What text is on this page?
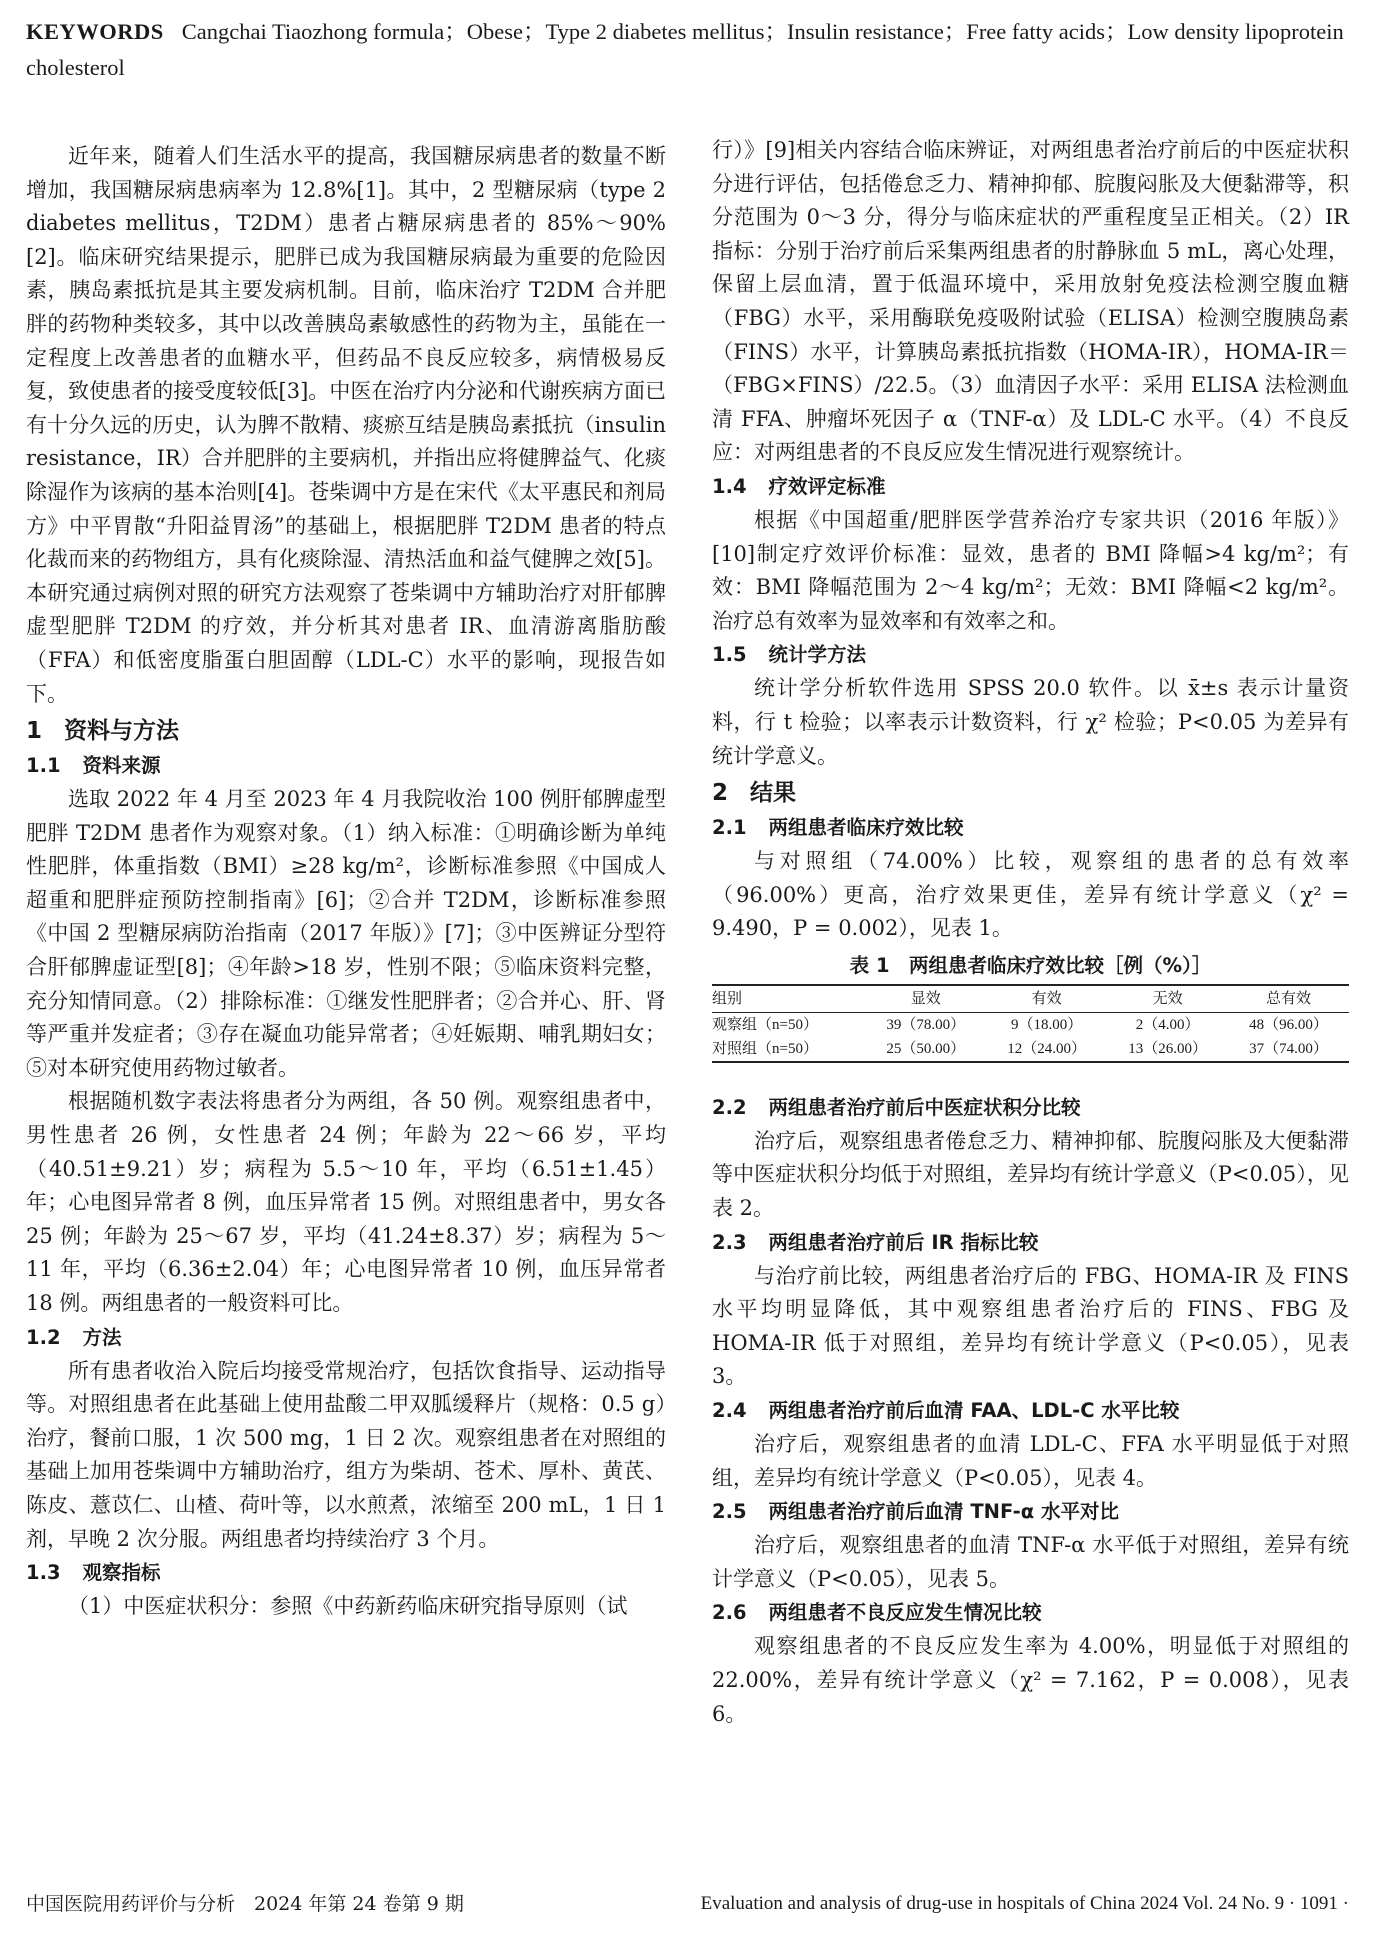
KEYWORDS Cangchai Tiaozhong formula；Obese；Type 2 diabetes mellitus；Insulin resistance；Free fatty acids；Low density lipoprotein cholesterol

近年来，随着人们生活水平的提高，我国糖尿病患者的数量不断增加，我国糖尿病患病率为 12.8%[1]。其中，2 型糖尿病（type 2 diabetes mellitus，T2DM）患者占糖尿病患者的 85%～90%[2]。临床研究结果提示，肥胖已成为我国糖尿病最为重要的危险因素，胰岛素抵抗是其主要发病机制。目前，临床治疗 T2DM 合并肥胖的药物种类较多，其中以改善胰岛素敏感性的药物为主，虽能在一定程度上改善患者的血糖水平，但药品不良反应较多，病情极易反复，致使患者的接受度较低[3]。中医在治疗内分泌和代谢疾病方面已有十分久远的历史，认为脾不散精、痰瘀互结是胰岛素抵抗（insulin resistance，IR）合并肥胖的主要病机，并指出应将健脾益气、化痰除湿作为该病的基本治则[4]。苍柴调中方是在宋代《太平惠民和剂局方》中平胃散“升阳益胃汤”的基础上，根据肥胖 T2DM 患者的特点化裁而来的药物组方，具有化痰除湿、清热活血和益气健脾之效[5]。本研究通过病例对照的研究方法观察了苍柴调中方辅助治疗对肝郁脾虚型肥胖 T2DM 的疗效，并分析其对患者 IR、血清游离脂肪酸（FFA）和低密度脂蛋白胆固醇（LDL-C）水平的影响，现报告如下。

1 资料与方法
1.1 资料来源

选取 2022 年 4 月至 2023 年 4 月我院收治 100 例肝郁脾虚型肥胖 T2DM 患者作为观察对象。（1）纳入标准：①明确诊断为单纯性肥胖，体重指数（BMI）≥28 kg/m²，诊断标准参照《中国成人超重和肥胖症预防控制指南》[6]；②合并 T2DM，诊断标准参照《中国 2 型糖尿病防治指南（2017 年版）》[7]；③中医辨证分型符合肝郁脾虚证型[8]；④年龄>18 岁，性别不限；⑤临床资料完整，充分知情同意。（2）排除标准：①继发性肥胖者；②合并心、肝、肾等严重并发症者；③存在凝血功能异常者；④妊娠期、哺乳期妇女；⑤对本研究使用药物过敏者。

根据随机数字表法将患者分为两组，各 50 例。观察组患者中，男性患者 26 例，女性患者 24 例；年龄为 22～66 岁，平均（40.51±9.21）岁；病程为 5.5～10 年，平均（6.51±1.45）年；心电图异常者 8 例，血压异常者 15 例。对照组患者中，男女各 25 例；年龄为 25～67 岁，平均（41.24±8.37）岁；病程为 5～11 年，平均（6.36±2.04）年；心电图异常者 10 例，血压异常者 18 例。两组患者的一般资料可比。

1.2 方法

所有患者收治入院后均接受常规治疗，包括饮食指导、运动指导等。对照组患者在此基础上使用盐酸二甲双胍缓释片（规格：0.5 g）治疗，餐前口服，1 次 500 mg，1 日 2 次。观察组患者在对照组的基础上加用苍柴调中方辅助治疗，组方为柴胡、苍术、厚朴、黄芪、陈皮、薏苡仁、山楂、荷叶等，以水煎煮，浓缩至 200 mL，1 日 1 剂，早晚 2 次分服。两组患者均持续治疗 3 个月。

1.3 观察指标

（1）中医症状积分：参照《中药新药临床研究指导原则（试

行）》[9]相关内容结合临床辨证，对两组患者治疗前后的中医症状积分进行评估，包括倦怠乏力、精神抑郁、脘腹闷胀及大便黏滞等，积分范围为 0～3 分，得分与临床症状的严重程度呈正相关。（2）IR 指标：分别于治疗前后采集两组患者的肘静脉血 5 mL，离心处理，保留上层血清，置于低温环境中，采用放射免疫法检测空腹血糖（FBG）水平，采用酶联免疫吸附试验（ELISA）检测空腹胰岛素（FINS）水平，计算胰岛素抵抗指数（HOMA-IR），HOMA-IR＝（FBG×FINS）/22.5。（3）血清因子水平：采用 ELISA 法检测血清 FFA、肿瘤坏死因子 α（TNF-α）及 LDL-C 水平。（4）不良反应：对两组患者的不良反应发生情况进行观察统计。

1.4 疗效评定标准

根据《中国超重/肥胖医学营养治疗专家共识（2016 年版）》[10]制定疗效评价标准：显效，患者的 BMI 降幅>4 kg/m²；有效：BMI 降幅范围为 2～4 kg/m²；无效：BMI 降幅<2 kg/m²。治疗总有效率为显效率和有效率之和。

1.5 统计学方法

统计学分析软件选用 SPSS 20.0 软件。以 x̄±s 表示计量资料，行 t 检验；以率表示计数资料，行 χ² 检验；P<0.05 为差异有统计学意义。

2 结果
2.1 两组患者临床疗效比较

与对照组（74.00%）比较，观察组的患者的总有效率（96.00%）更高，治疗效果更佳，差异有统计学意义（χ² = 9.490，P = 0.002），见表 1。

表 1　两组患者临床疗效比较［例（%）］
组别	显效	有效	无效	总有效
观察组（n=50）	39（78.00）	9（18.00）	2（4.00）	48（96.00）
对照组（n=50）	25（50.00）	12（24.00）	13（26.00）	37（74.00）
2.2 两组患者治疗前后中医症状积分比较

治疗后，观察组患者倦怠乏力、精神抑郁、脘腹闷胀及大便黏滞等中医症状积分均低于对照组，差异均有统计学意义（P<0.05），见表 2。

2.3 两组患者治疗前后 IR 指标比较

与治疗前比较，两组患者治疗后的 FBG、HOMA-IR 及 FINS 水平均明显降低，其中观察组患者治疗后的 FINS、FBG 及 HOMA-IR 低于对照组，差异均有统计学意义（P<0.05），见表 3。

2.4 两组患者治疗前后血清 FAA、LDL-C 水平比较

治疗后，观察组患者的血清 LDL-C、FFA 水平明显低于对照组，差异均有统计学意义（P<0.05），见表 4。

2.5 两组患者治疗前后血清 TNF-α 水平对比

治疗后，观察组患者的血清 TNF-α 水平低于对照组，差异有统计学意义（P<0.05），见表 5。

2.6 两组患者不良反应发生情况比较

观察组患者的不良反应发生率为 4.00%，明显低于对照组的 22.00%，差异有统计学意义（χ² = 7.162，P = 0.008），见表 6。

中国医院用药评价与分析　2024 年第 24 卷第 9 期	Evaluation and analysis of drug-use in hospitals of China 2024 Vol. 24 No. 9 · 1091 ·
